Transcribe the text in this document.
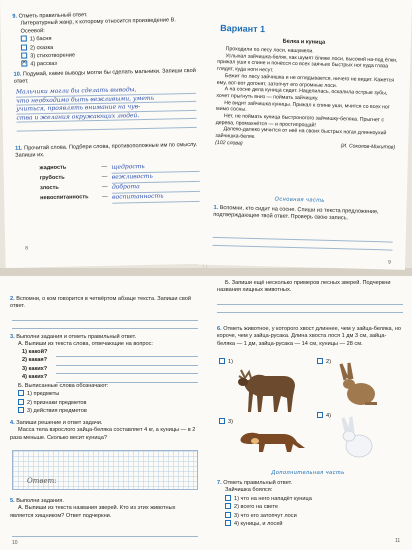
9. Отметь правильный ответ.
Литературный жанр, к которому относится произведение В. Осеевой:
1) басня
2) сказка
3) стихотворение
×4) рассказ
10. Подумай, какие выводы могли бы сделать мальчики. Запиши свой ответ.
Мальчики могли бы сделать выводы,
что необходимо быть вежливыми, уметь
учиться, проявлять внимание на чув-
ства и желания окружающих людей.
11. Прочитай слова. Подбери слова, противоположные им по смыслу. Запиши их.
жадность	— щедрость
грубость	— вежливость
злость	— доброта
невоспитанность	— воспитанность
8
Вариант 1
Белка и куница

Проходили по лесу лоси, нашумели.

Услыхал зайчишка-беляк, как шумят ближе лоси, высокий на-под ёлки, прижал уши к спине и понёсся со всех заячьих быстрых ног куда глаза глядят, куда ноги несут.

Бежит по лесу зайчишка и не оглядывается, ничего не видит. Кажется ему, вот-вот догонят, затопчут его огромные лоси.

А на сосне дела куница сидит. Нацелилась, оскалила острые зубы, хочет прыгнуть вниз — поймать зайчишку.

Не видит зайчишка куницы. Прижал к спине уши, мчится со всех ног мимо сосны.

Нет, не поймать куница быстроногого зайчишку-беляка. Прыгнет с дерева, промахнётся — и простипрощай!

Далеко-далеко умчится от неё на своих быстрых ногах длинноухий зайчишка-беляк.

(102 слова)	(И. Соколов-Микитов)
Основная часть
1. Вспомни, кто сидит на сосне. Спиши из текста предложение, подтверждающее твой ответ. Проверь свою запись.
9
2. Вспомни, о ком говорится в четвёртом абзаце текста. Запиши свой ответ.
3. Выполни задания и отметь правильный ответ.
А. Выпиши из текста слова, отвечающие на вопрос:
1) какой?
2) какая?
3) каких?
4) каких?
Б. Выписанные слова обозначают:
1) предметы
2) признаки предметов
3) действия предметов
4. Запиши решение и ответ задачи.
Масса тела взрослого зайца-беляка составляет 4 кг, а куницы — в 2 раза меньше. Сколько весит куница?
Ответ:
5. Выполни задания.
А. Выпиши из текста названия зверей. Кто из этих животных является хищником? Ответ подчеркни.
10
Б. Запиши ещё несколько примеров лесных зверей. Подчеркни названия хищных животных.
6. Отметь животное, у которого хвост длиннее, чем у зайца-беляка, но короче, чем у зайца-русака. Длина хвоста лося 1 дм 3 см, зайца-беляка — 1 дм, зайца-русака — 14 см, куницы — 28 см.
1)	2)
3)
4)
Дополнительная часть
7. Отметь правильный ответ.
Зайчишка боялся:
1) что на него нападёт куница
2) всего на свете
3) что его затопчут лоси
4) куницы, и лосей
11
